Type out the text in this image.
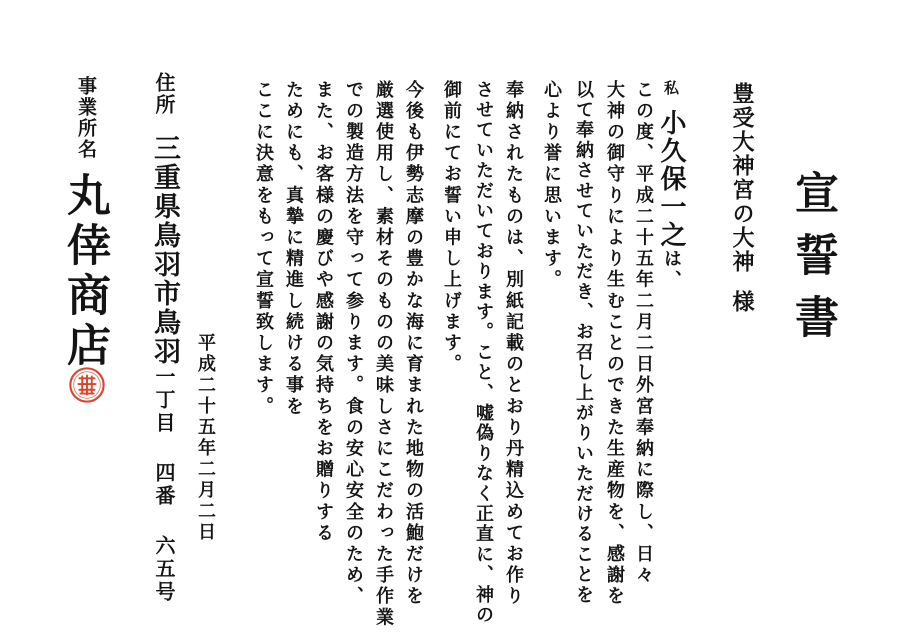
宣誓書
豊受大神宮の大神様
私小久保一之は、
この度、平成二十五年二月二日外宮奉納に際し、日々
大神の御守りにより生むことのできた生産物を、感謝を
以て奉納させていただき、お召し上がりいただけることを
心より誉に思います。
奉納されたものは、別紙記載のとおり丹精込めてお作り
させていただいております。こと、嘘偽りなく正直に、神の
御前にてお誓い申し上げます。
今後も伊勢志摩の豊かな海に育まれた地物の活鮑だけを
厳選使用し、素材そのものの美味しさにこだわった手作業
での製造方法を守って参ります。食の安心安全のため、
また、お客様の慶びや感謝の気持ちをお贈りする
ためにも、真摯に精進し続ける事を
ここに決意をもって宣誓致します。
平成二十五年二月二日
住所三重県鳥羽市鳥羽一丁目 四番 六五号
事業所名
丸倖商店
